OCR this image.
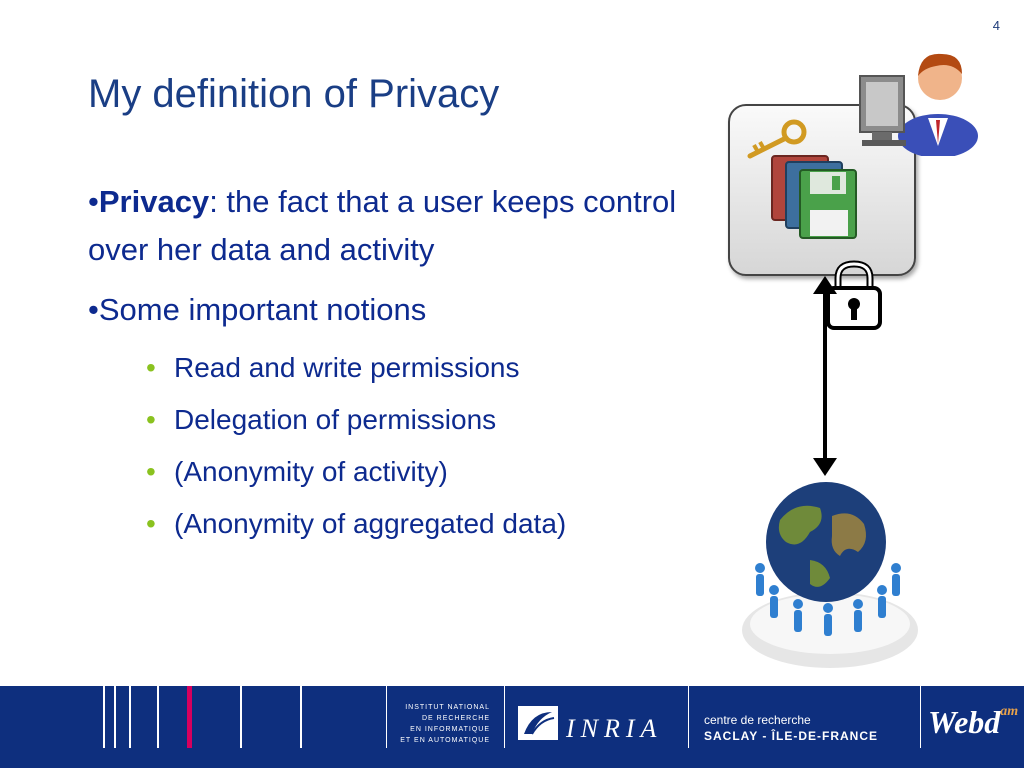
4
My definition of Privacy
•Privacy: the fact that a user keeps control over her data and activity
•Some important notions
• Read and write permissions
• Delegation of permissions
• (Anonymity of activity)
• (Anonymity of aggregated data)
INSTITUT NATIONAL
DE RECHERCHE
EN INFORMATIQUE
ET EN AUTOMATIQUE	INRIA	centre de recherche
SACLAY - ÎLE-DE-FRANCE Webd$^{am}$
